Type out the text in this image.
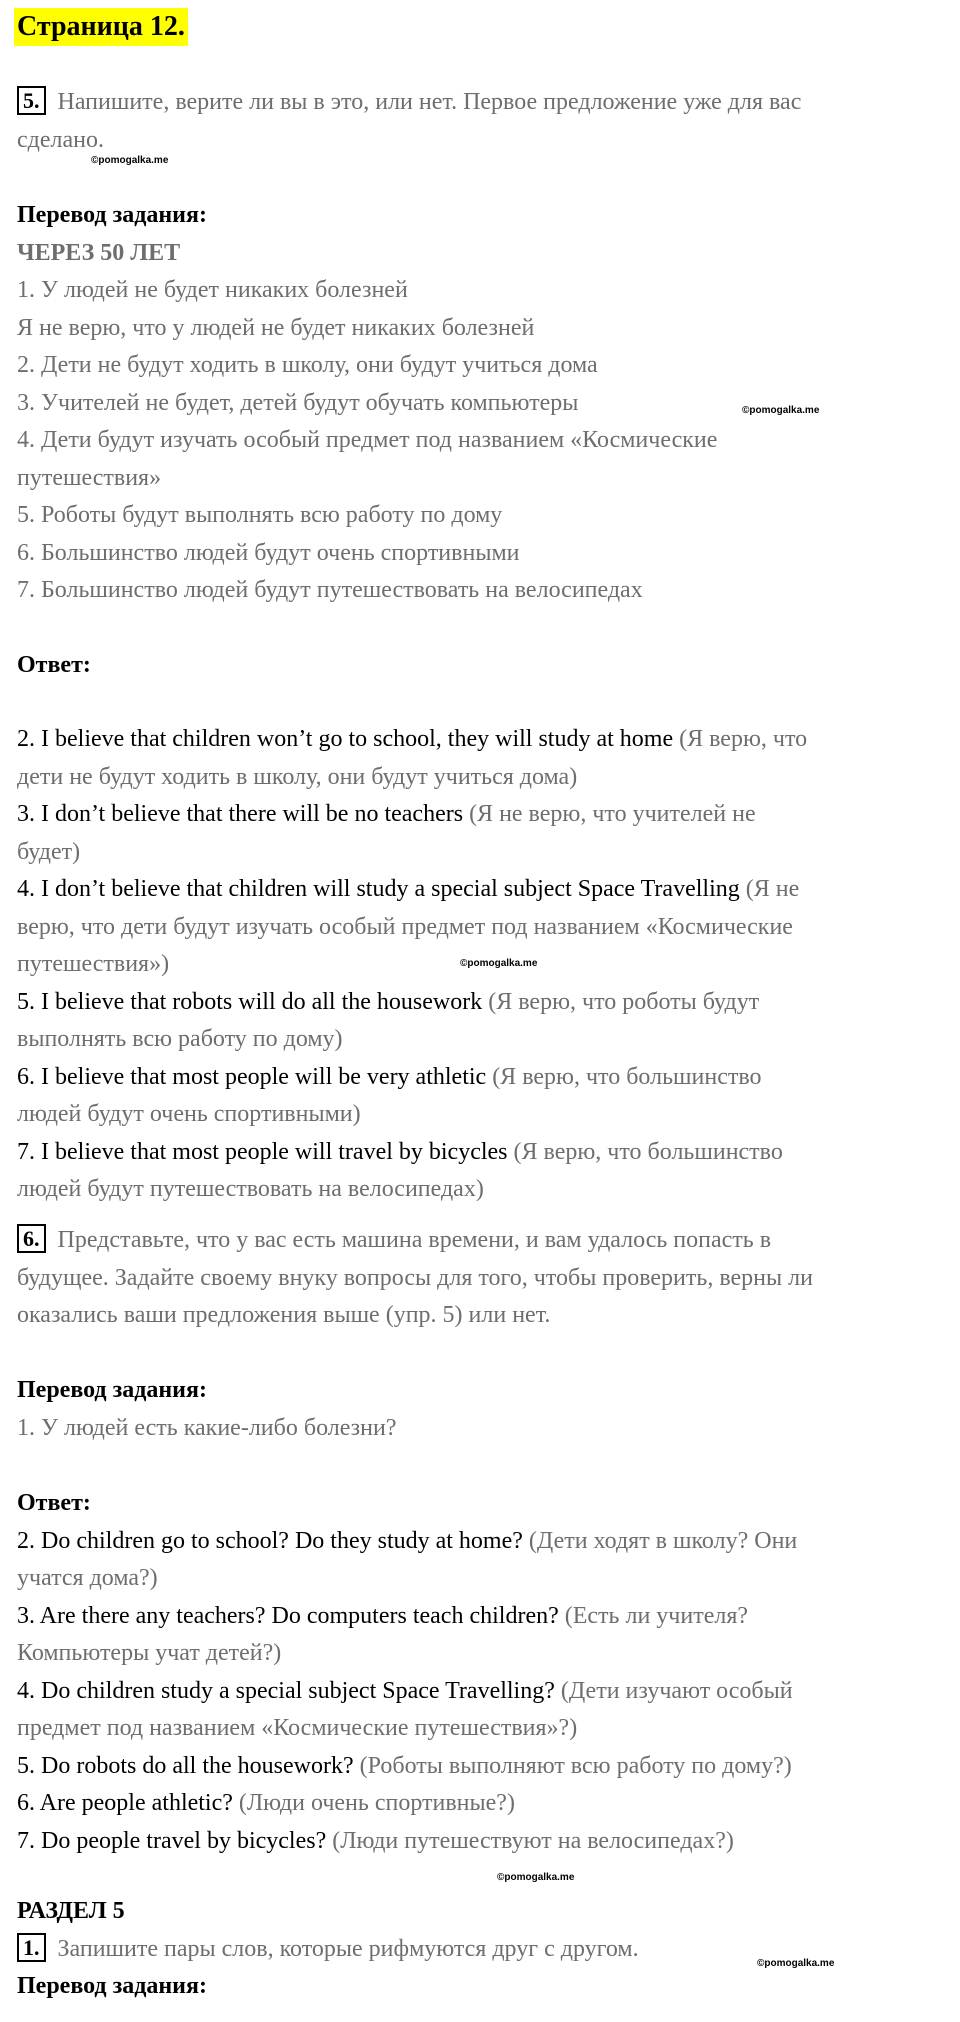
Страница 12.
5. Напишите, верите ли вы в это, или нет. Первое предложение уже для вас
сделано.
©pomogalka.me
Перевод задания:
ЧЕРЕЗ 50 ЛЕТ
1. У людей не будет никаких болезней
Я не верю, что у людей не будет никаких болезней
2. Дети не будут ходить в школу, они будут учиться дома
3. Учителей не будет, детей будут обучать компьютеры
4. Дети будут изучать особый предмет под названием «Космические
путешествия»
5. Роботы будут выполнять всю работу по дому
6. Большинство людей будут очень спортивными
7. Большинство людей будут путешествовать на велосипедах
©pomogalka.me
Ответ:
2. I believe that children won’t go to school, they will study at home (Я верю, что
дети не будут ходить в школу, они будут учиться дома)
3. I don’t believe that there will be no teachers (Я не верю, что учителей не
будет)
4. I don’t believe that children will study a special subject Space Travelling (Я не
верю, что дети будут изучать особый предмет под названием «Космические
путешествия»)
5. I believe that robots will do all the housework (Я верю, что роботы будут
выполнять всю работу по дому)
6. I believe that most people will be very athletic (Я верю, что большинство
людей будут очень спортивными)
7. I believe that most people will travel by bicycles (Я верю, что большинство
людей будут путешествовать на велосипедах)
©pomogalka.me
6. Представьте, что у вас есть машина времени, и вам удалось попасть в
будущее. Задайте своему внуку вопросы для того, чтобы проверить, верны ли
оказались ваши предложения выше (упр. 5) или нет.
Перевод задания:
1. У людей есть какие-либо болезни?
Ответ:
2. Do children go to school? Do they study at home? (Дети ходят в школу? Они
учатся дома?)
3. Are there any teachers? Do computers teach children? (Есть ли учителя?
Компьютеры учат детей?)
4. Do children study a special subject Space Travelling? (Дети изучают особый
предмет под названием «Космические путешествия»?)
5. Do robots do all the housework? (Роботы выполняют всю работу по дому?)
6. Are people athletic? (Люди очень спортивные?)
7. Do people travel by bicycles? (Люди путешествуют на велосипедах?)
©pomogalka.me
РАЗДЕЛ 5
1. Запишите пары слов, которые рифмуются друг с другом.
Перевод задания:
©pomogalka.me
